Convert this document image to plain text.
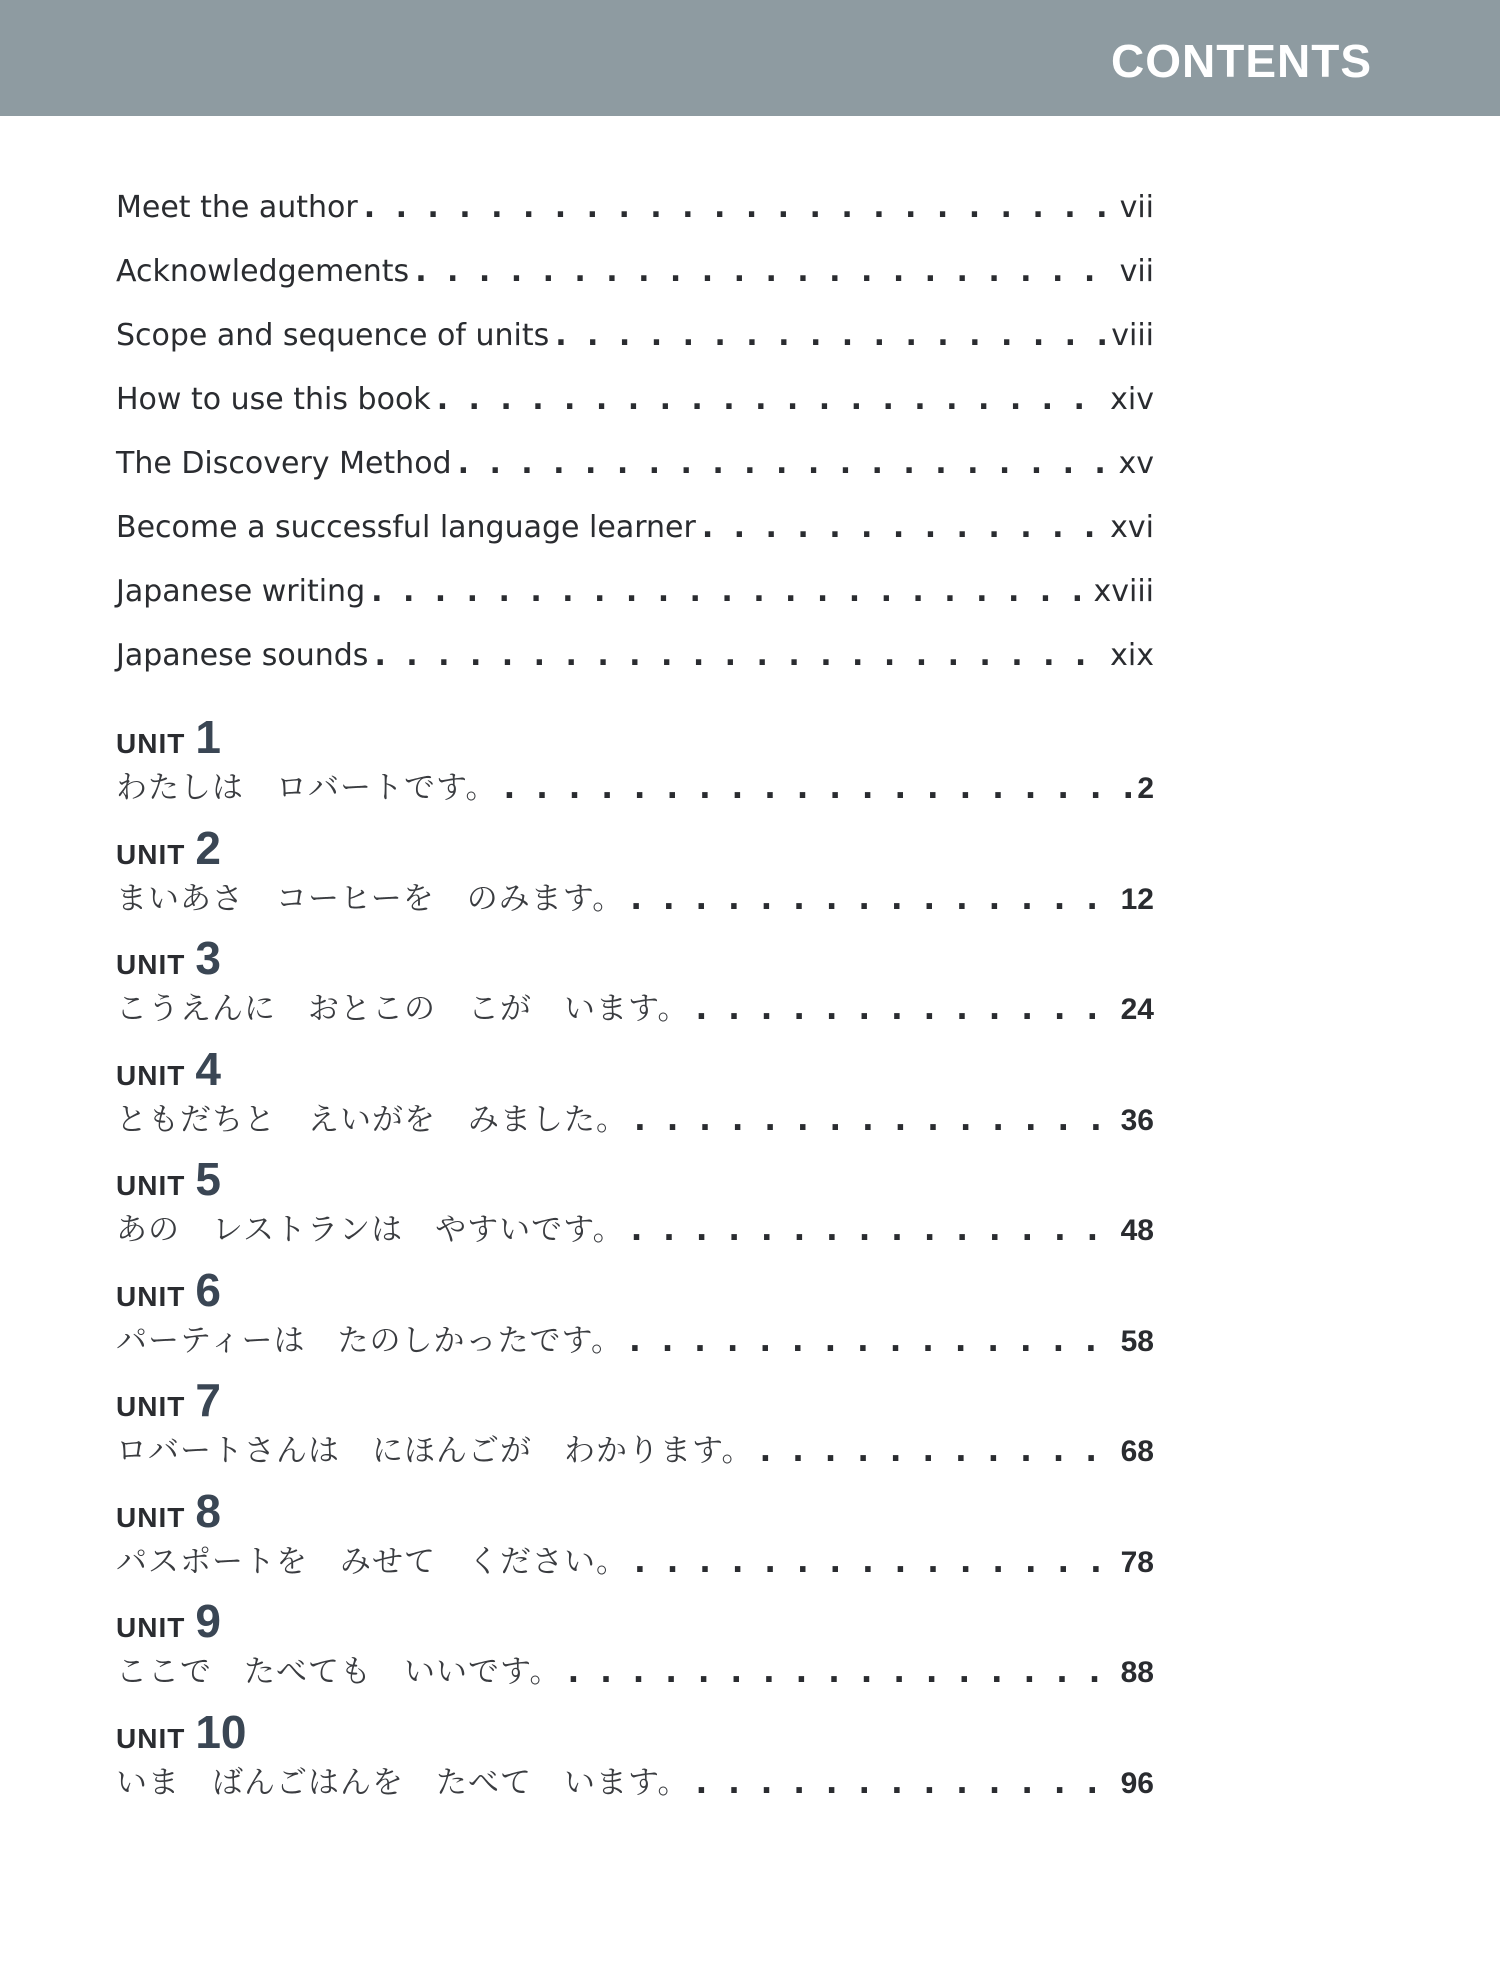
CONTENTS
Meet the author . . .	vii
Acknowledgements . . .	vii
Scope and sequence of units . . .	viii
How to use this book . . .	xiv
The Discovery Method . . .	xv
Become a successful language learner . . .	xvi
Japanese writing . . .	xviii
Japanese sounds . . .	xix
UNIT 1
わたしは　ロバートです。 . . .	2
UNIT 2
まいあさ　コーヒーを　のみます。 . . .	12
UNIT 3
こうえんに　おとこの　こが　います。 . . .	24
UNIT 4
ともだちと　えいがを　みました。 . . .	36
UNIT 5
あの　レストランは　やすいです。 . . .	48
UNIT 6
パーティーは　たのしかったです。 . . .	58
UNIT 7
ロバートさんは　にほんごが　わかります。 . . .	68
UNIT 8
パスポートを　みせて　ください。 . . .	78
UNIT 9
ここで　たべても　いいです。 . . .	88
UNIT 10
いま　ばんごはんを　たべて　います。 . . .	96
